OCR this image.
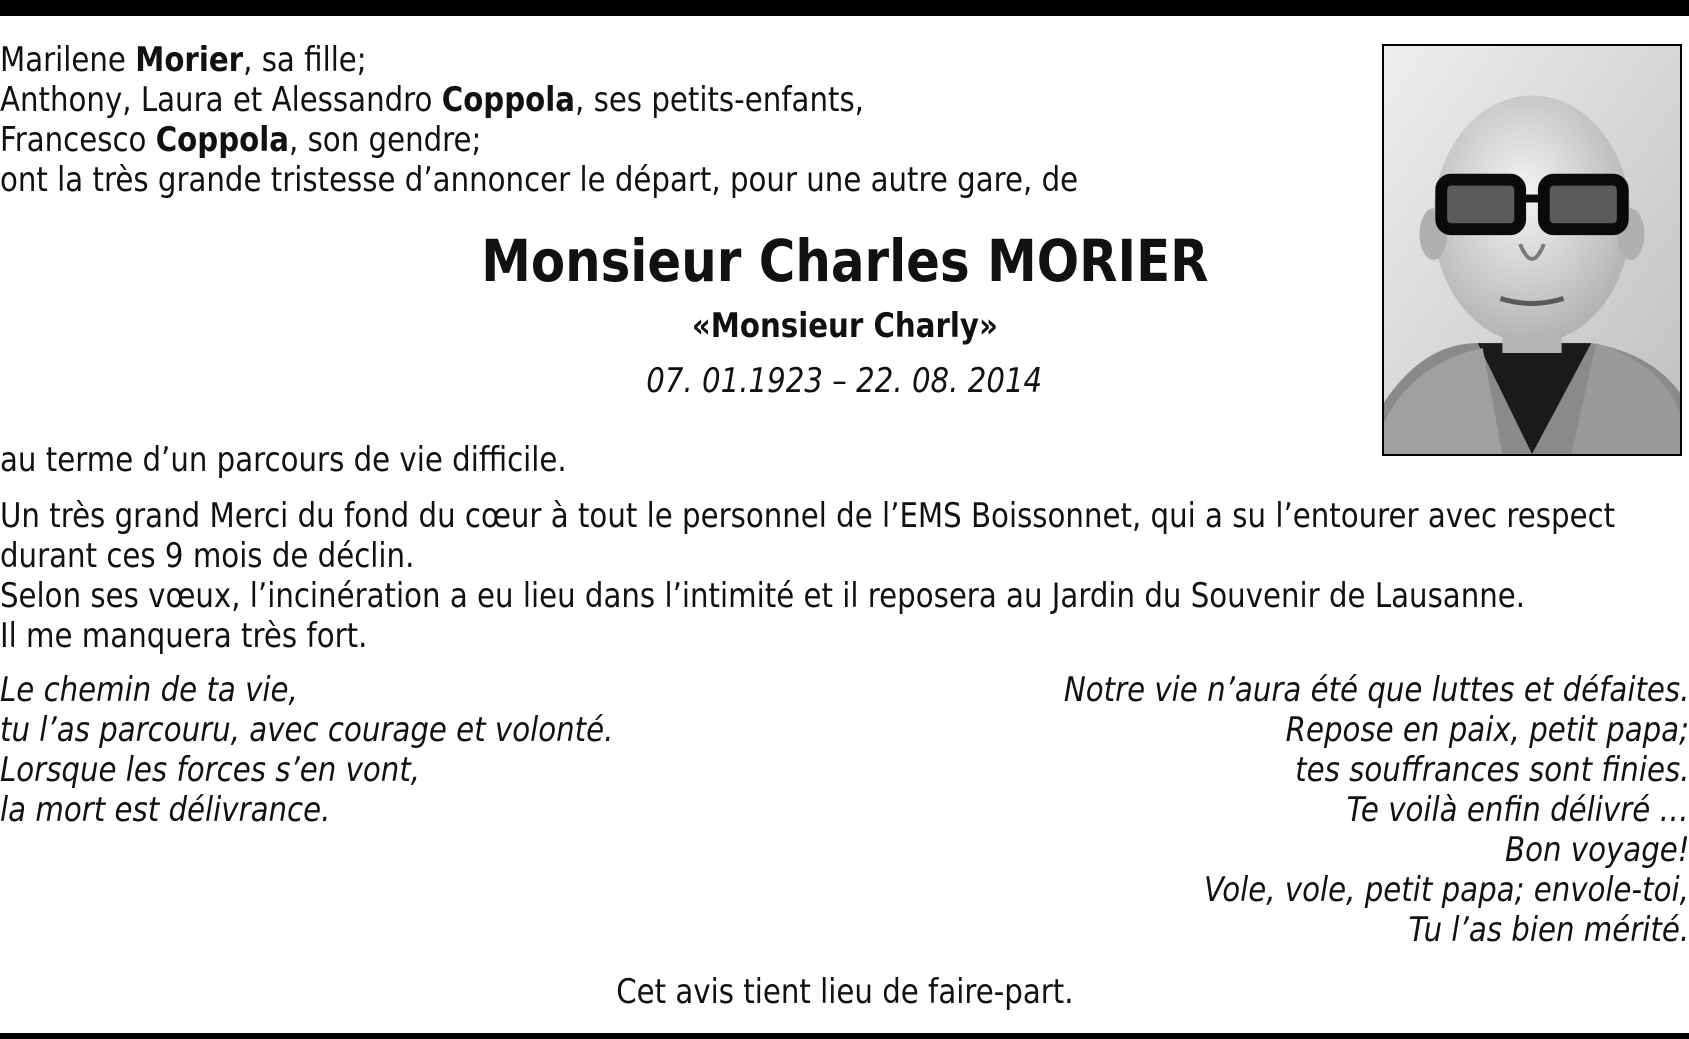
Marilene Morier, sa fille;
Anthony, Laura et Alessandro Coppola, ses petits-enfants,
Francesco Coppola, son gendre;
ont la très grande tristesse d’annoncer le départ, pour une autre gare, de
Monsieur Charles MORIER
«Monsieur Charly»
07. 01.1923 – 22. 08. 2014
au terme d’un parcours de vie difficile.
Un très grand Merci du fond du cœur à tout le personnel de l’EMS Boissonnet, qui a su l’entourer avec respect
durant ces 9 mois de déclin.
Selon ses vœux, l’incinération a eu lieu dans l’intimité et il reposera au Jardin du Souvenir de Lausanne.
Il me manquera très fort.
Le chemin de ta vie,
tu l’as parcouru, avec courage et volonté.
Lorsque les forces s’en vont,
la mort est délivrance.
Notre vie n’aura été que luttes et défaites.
Repose en paix, petit papa;
tes souffrances sont finies.
Te voilà enfin délivré …
Bon voyage!
Vole, vole, petit papa; envole-toi,
Tu l’as bien mérité.
Cet avis tient lieu de faire-part.
